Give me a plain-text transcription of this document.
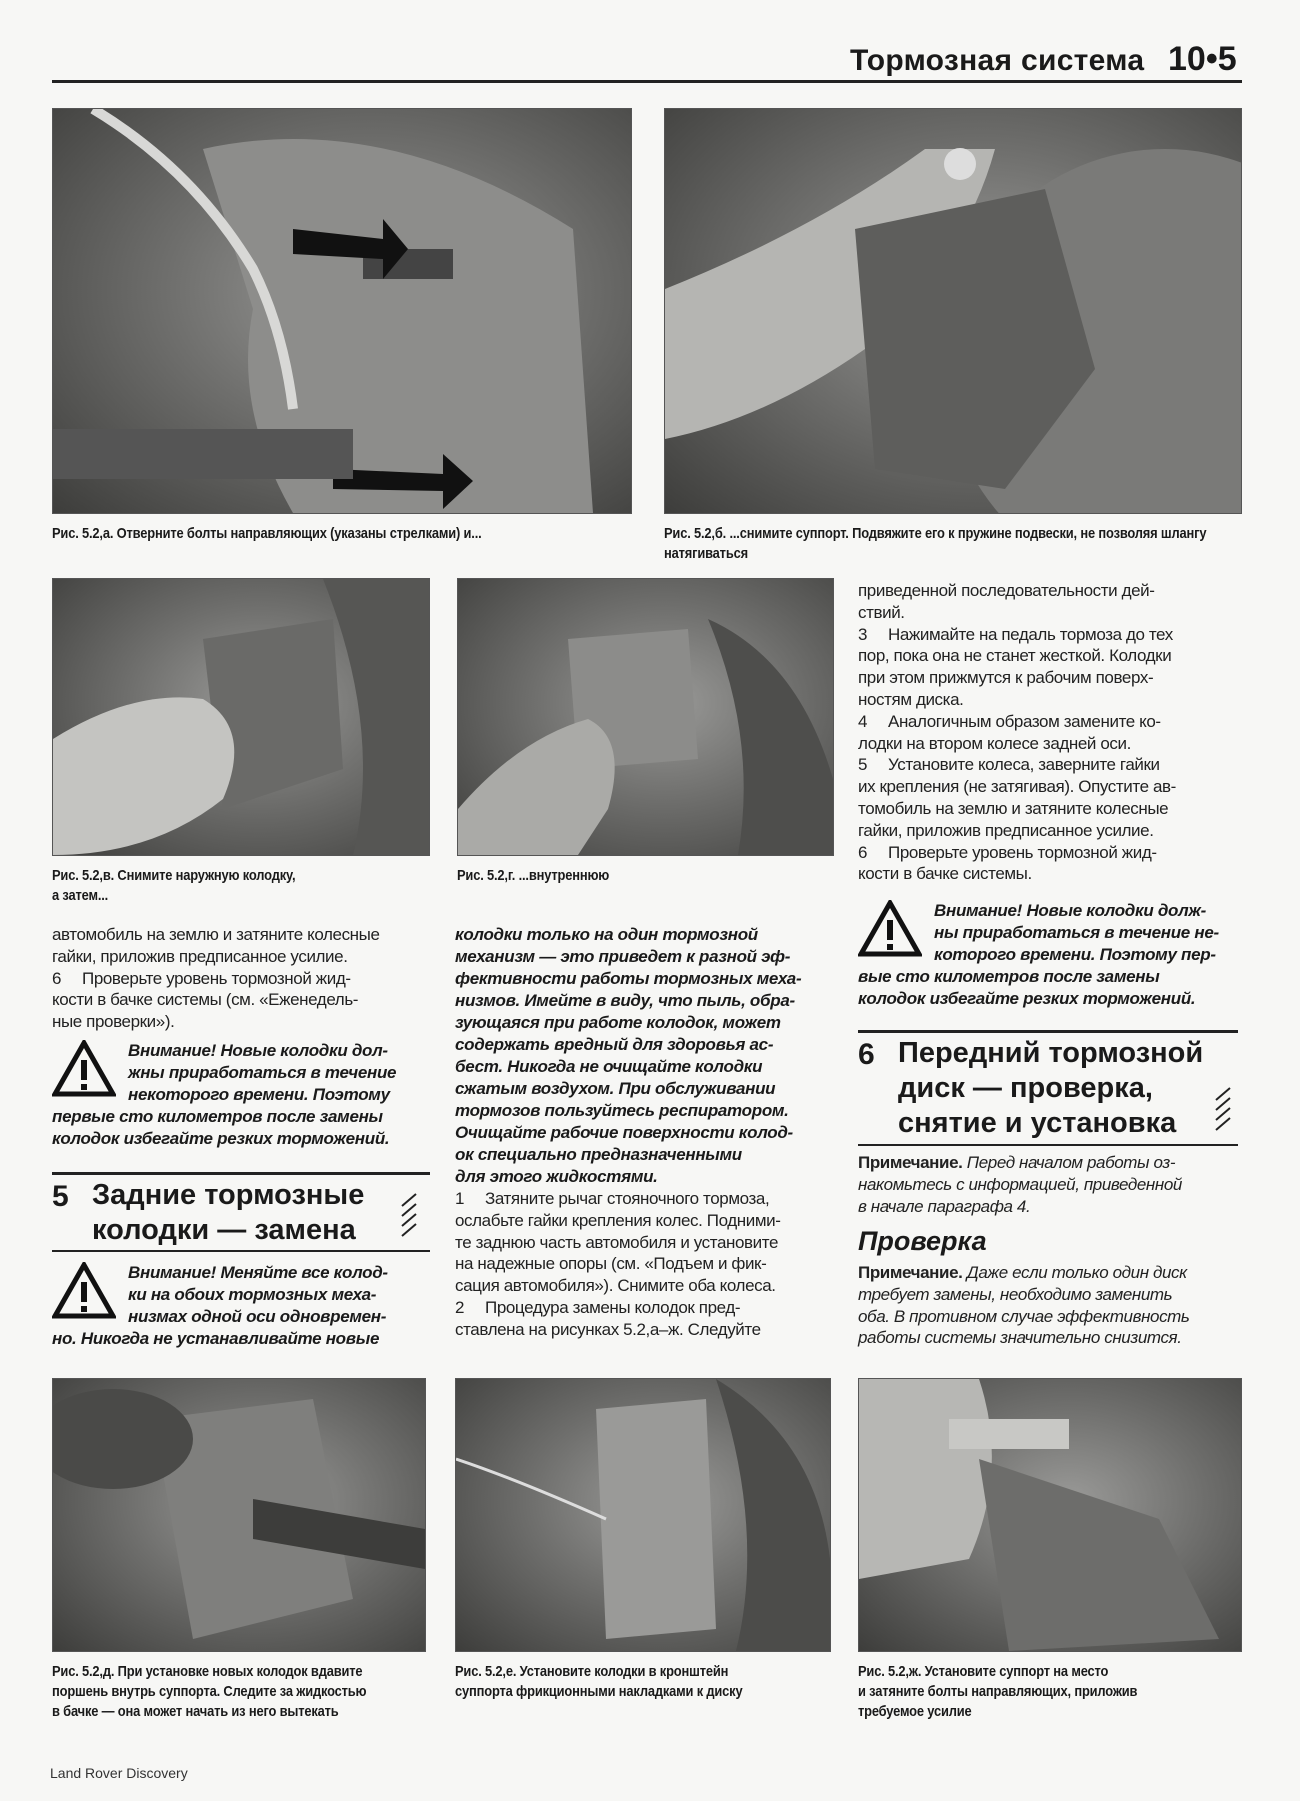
Тормозная система 10•5
Рис. 5.2,а. Отверните болты направляющих (указаны стрелками) и...	Рис. 5.2,б. ...снимите суппорт. Подвяжите его к пружине подвески, не позволяя шлангу натягиваться
Рис. 5.2,в. Снимите наружную колодку,
а затем...
Рис. 5.2,г. ...внутреннюю

автомобиль на землю и затяните колесные

гайки, приложив предписанное усилие.

6 Проверьте уровень тормозной жид-

кости в бачке системы (см. «Еженедель-

ные проверки»).

Внимание! Новые колодки дол-
жны приработаться в течение
некоторого времени. Поэтому
первые сто километров после замены
колодок избегайте резких торможений.
5 Задние тормозные
колодки — замена
Внимание! Меняйте все колод-
ки на обоих тормозных меха-
низмах одной оси одновремен-
но. Никогда не устанавливайте новые
колодки только на один тормозной
механизм — это приведет к разной эф-
фективности работы тормозных меха-
низмов. Имейте в виду, что пыль, обра-
зующаяся при работе колодок, может
содержать вредный для здоровья ас-
бест. Никогда не очищайте колодки
сжатым воздухом. При обслуживании
тормозов пользуйтесь респиратором.
Очищайте рабочие поверхности колод-
ок специально предназначенными
для этого жидкостями.

1 Затяните рычаг стояночного тормоза,

ослабьте гайки крепления колес. Подними-

те заднюю часть автомобиля и установите

на надежные опоры (см. «Подъем и фик-

сация автомобиля»). Снимите оба колеса.

2 Процедура замены колодок пред-

ставлена на рисунках 5.2,а–ж. Следуйте

приведенной последовательности дей-

ствий.

3 Нажимайте на педаль тормоза до тех

пор, пока она не станет жесткой. Колодки

при этом прижмутся к рабочим поверх-

ностям диска.

4 Аналогичным образом замените ко-

лодки на втором колесе задней оси.

5 Установите колеса, заверните гайки

их крепления (не затягивая). Опустите ав-

томобиль на землю и затяните колесные

гайки, приложив предписанное усилие.

6 Проверьте уровень тормозной жид-

кости в бачке системы.

Внимание! Новые колодки долж-
ны приработаться в течение не-
которого времени. Поэтому пер-
вые сто километров после замены
колодок избегайте резких торможений.
6 Передний тормозной
диск — проверка,
снятие и установка

Примечание. Перед началом работы оз-

накомьтесь с информацией, приведенной

в начале параграфа 4.

Проверка

Примечание. Даже если только один диск

требует замены, необходимо заменить

оба. В противном случае эффективность

работы системы значительно снизится.

Рис. 5.2,д. При установке новых колодок вдавите
поршень внутрь суппорта. Следите за жидкостью
в бачке — она может начать из него вытекать
Рис. 5.2,е. Установите колодки в кронштейн
суппорта фрикционными накладками к диску
Рис. 5.2,ж. Установите суппорт на место
и затяните болты направляющих, приложив
требуемое усилие
Land Rover Discovery
